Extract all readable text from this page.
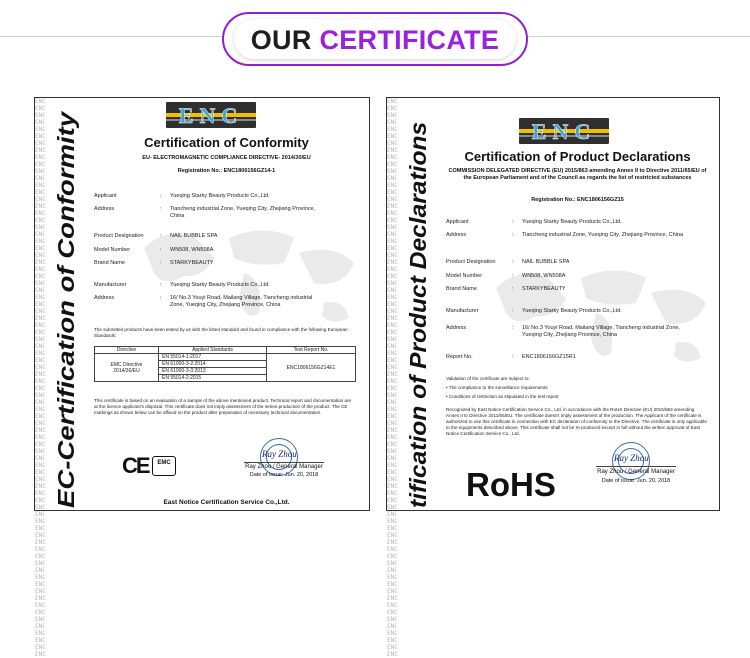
OUR CERTIFICATE
ENC ENC ENC ENC ENC ENC ENC ENC ENC ENC ENC ENC ENC ENC ENC ENC ENC ENC ENC ENC ENC ENC ENC ENC ENC ENC ENC ENC ENC ENC ENC ENC ENC ENC ENC ENC ENC ENC ENC ENC ENC ENC ENC ENC ENC ENC ENC ENC ENC ENC ENC ENC ENC ENC ENC ENC ENC ENC ENC ENC ENC ENC ENC ENC ENC ENC ENC ENC ENC ENC ENC ENC ENC ENC ENC ENC ENC ENC ENC ENC
EC-Certification of Conformity
ENC
Certification of Conformity
EU- ELECTROMAGNETIC COMPLIANCE DIRECTIVE- 2014/30/EU
Registration No.: ENC1806156GZ14-1
Applicant	: Yueqing Starky Beauty Products Co.,Ltd.
Address	: Tiancheng industrial Zone, Yueqing City, Zhejiang Province, China
Product Designation	: NAIL BUBBLE SPA
Model Number	: WN508, WN508A
Brand Name	: STARKYBEAUTY
Manufacturer	: Yueqing Starky Beauty Products Co.,Ltd.
Address	: 16/ No.3 Youyi Road, Mailang Village, Tiancheng industrial Zone, Yueqing City, Zhejiang Province, China
The submitted products have been tested by us with the listed standard and found in compliance with the following European Standards:
Directive	Applied Standards	Test Report No.
EMC Directive 2014/30/EU	EN 55014-1:2017	ENC1806156GZ14E1
	EN 61000-3-2:2014	
	EN 61000-3-3:2013	
	EN 55014-2:2015	
This certificate is based on an evaluation of a sample of the above mentioned product. Technical report and documentation are at the licence applicant's disposal. This certificate does not imply assessment of the series-production of the product. The CE markings as shown below can be affixed on the product after preparation of necessary technical documentation.
CE	EMC
Ray Zhou
Ray Zhou / General Manager
Date of issue: Jun. 20, 2018
East Notice Certification Service Co.,Ltd.
ENC ENC ENC ENC ENC ENC ENC ENC ENC ENC ENC ENC ENC ENC ENC ENC ENC ENC ENC ENC ENC ENC ENC ENC ENC ENC ENC ENC ENC ENC ENC ENC ENC ENC ENC ENC ENC ENC ENC ENC ENC ENC ENC ENC ENC ENC ENC ENC ENC ENC ENC ENC ENC ENC ENC ENC ENC ENC ENC ENC ENC ENC ENC ENC ENC ENC ENC ENC ENC ENC ENC ENC ENC ENC ENC ENC ENC ENC ENC ENC
tification of Product Declarations
ENC
Certification of Product Declarations
COMMISSION DELEGATED DIRECTIVE (EU) 2015/863 amending Annex II to Directive 2011/65/EU of the European Parliament and of the Council as regards the list of restricted substances
Registration No.: ENC1806156GZ15
Applicant	: Yueqing Starky Beauty Products Co.,Ltd.
Address	: Tiancheng industrial Zone, Yueqing City, Zhejiang Province, China
Product Designation	: NAIL BUBBLE SPA
Model Number	: WN508, WN508A
Brand Name	: STARKYBEAUTY
Manufacturer	: Yueqing Starky Beauty Products Co.,Ltd.
Address	: 16/ No.3 Youyi Road, Mailang Village, Tiancheng industrial Zone, Yueqing City, Zhejiang Province, China
Report No.	: ENC1806156GZ15R1
Validation of the certificate are subject to:
• The compliance to the surveillance requirements
• Conditions of restriction as stipulated in the test report
Recognized by East Notice Certification Service Co., Ltd. in accordance with the RoHS Directive (EU) 2015/863 amending Annex II to Directive 2011/65/EU. The certificate doesn't imply assessment of the production. The Applicant of the certificate is authorized to use this certificate in connection with EC declaration of conformity to the Directive. The certificate is only applicable to the equipments described above. This certificate shall not be re-produced except in full without the written approval of East Notice Certification Service Co., Ltd.
RoHS
Ray Zhou
Ray Zhou / General Manager
Date of issue: Jun. 20, 2018
